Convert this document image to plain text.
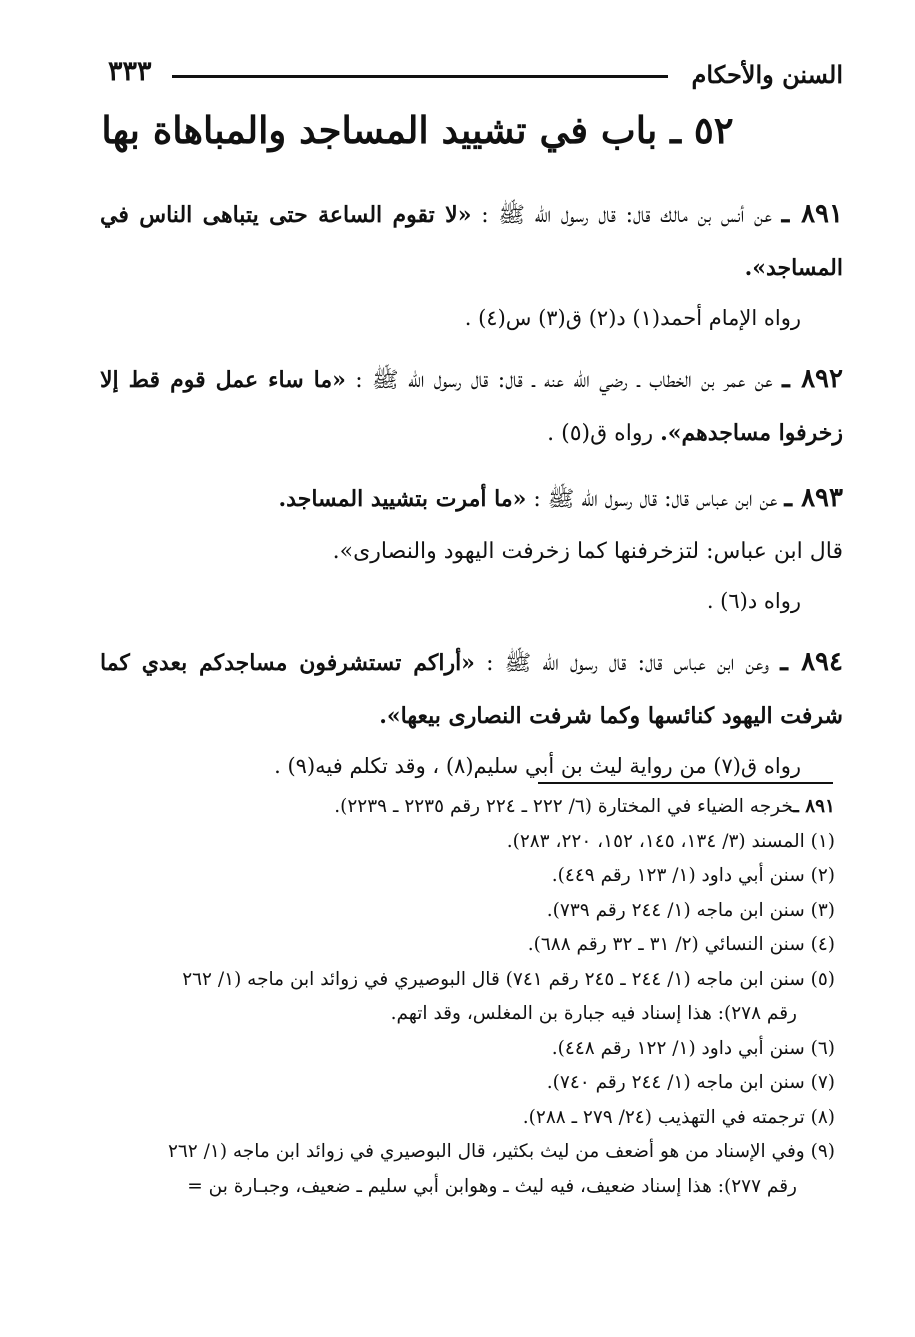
السنن والأحكام
٣٣٣
٥٢ ـ باب في تشييد المساجد والمباهاة بها
٨٩١ ـ عن أنس بن مالك قال: قال رسول اللّه ﷺ : «لا تقوم الساعة حتى يتباهى الناس في المساجد».
رواه الإمام أحمد(١) د(٢) ق(٣) س(٤) .
٨٩٢ ـ عن عمر بن الخطاب ـ رضي اللّه عنه ـ قال: قال رسول اللّه ﷺ : «ما ساء عمل قوم قط إلا زخرفوا مساجدهم». رواه ق(٥) .
٨٩٣ ـ عن ابن عباس قال: قال رسول اللّه ﷺ : «ما أمرت بتشييد المساجد.
قال ابن عباس: لتزخرفنها كما زخرفت اليهود والنصارى».
رواه د(٦) .
٨٩٤ ـ وعن ابن عباس قال: قال رسول اللّه ﷺ : «أراكم تستشرفون مساجدكم بعدي كما شرفت اليهود كنائسها وكما شرفت النصارى بيعها».
رواه ق(٧) من رواية ليث بن أبي سليم(٨) ، وقد تكلم فيه(٩) .
٨٩١ ـخرجه الضياء في المختارة (٦/ ٢٢٢ ـ ٢٢٤ رقم ٢٢٣٥ ـ ٢٢٣٩).
(١) المسند (٣/ ١٣٤، ١٤٥، ١٥٢، ٢٢٠، ٢٨٣).
(٢) سنن أبي داود (١/ ١٢٣ رقم ٤٤٩).
(٣) سنن ابن ماجه (١/ ٢٤٤ رقم ٧٣٩).
(٤) سنن النسائي (٢/ ٣١ ـ ٣٢ رقم ٦٨٨).
(٥) سنن ابن ماجه (١/ ٢٤٤ ـ ٢٤٥ رقم ٧٤١) قال البوصيري في زوائد ابن ماجه (١/ ٢٦٢
رقم ٢٧٨): هذا إسناد فيه جبارة بن المغلس، وقد اتهم.
(٦) سنن أبي داود (١/ ١٢٢ رقم ٤٤٨).
(٧) سنن ابن ماجه (١/ ٢٤٤ رقم ٧٤٠).
(٨) ترجمته في التهذيب (٢٤/ ٢٧٩ ـ ٢٨٨).
(٩) وفي الإسناد من هو أضعف من ليث بكثير، قال البوصيري في زوائد ابن ماجه (١/ ٢٦٢
رقم ٢٧٧): هذا إسناد ضعيف، فيه ليث ـ وهوابن أبي سليم ـ ضعيف، وجبـارة بن =
